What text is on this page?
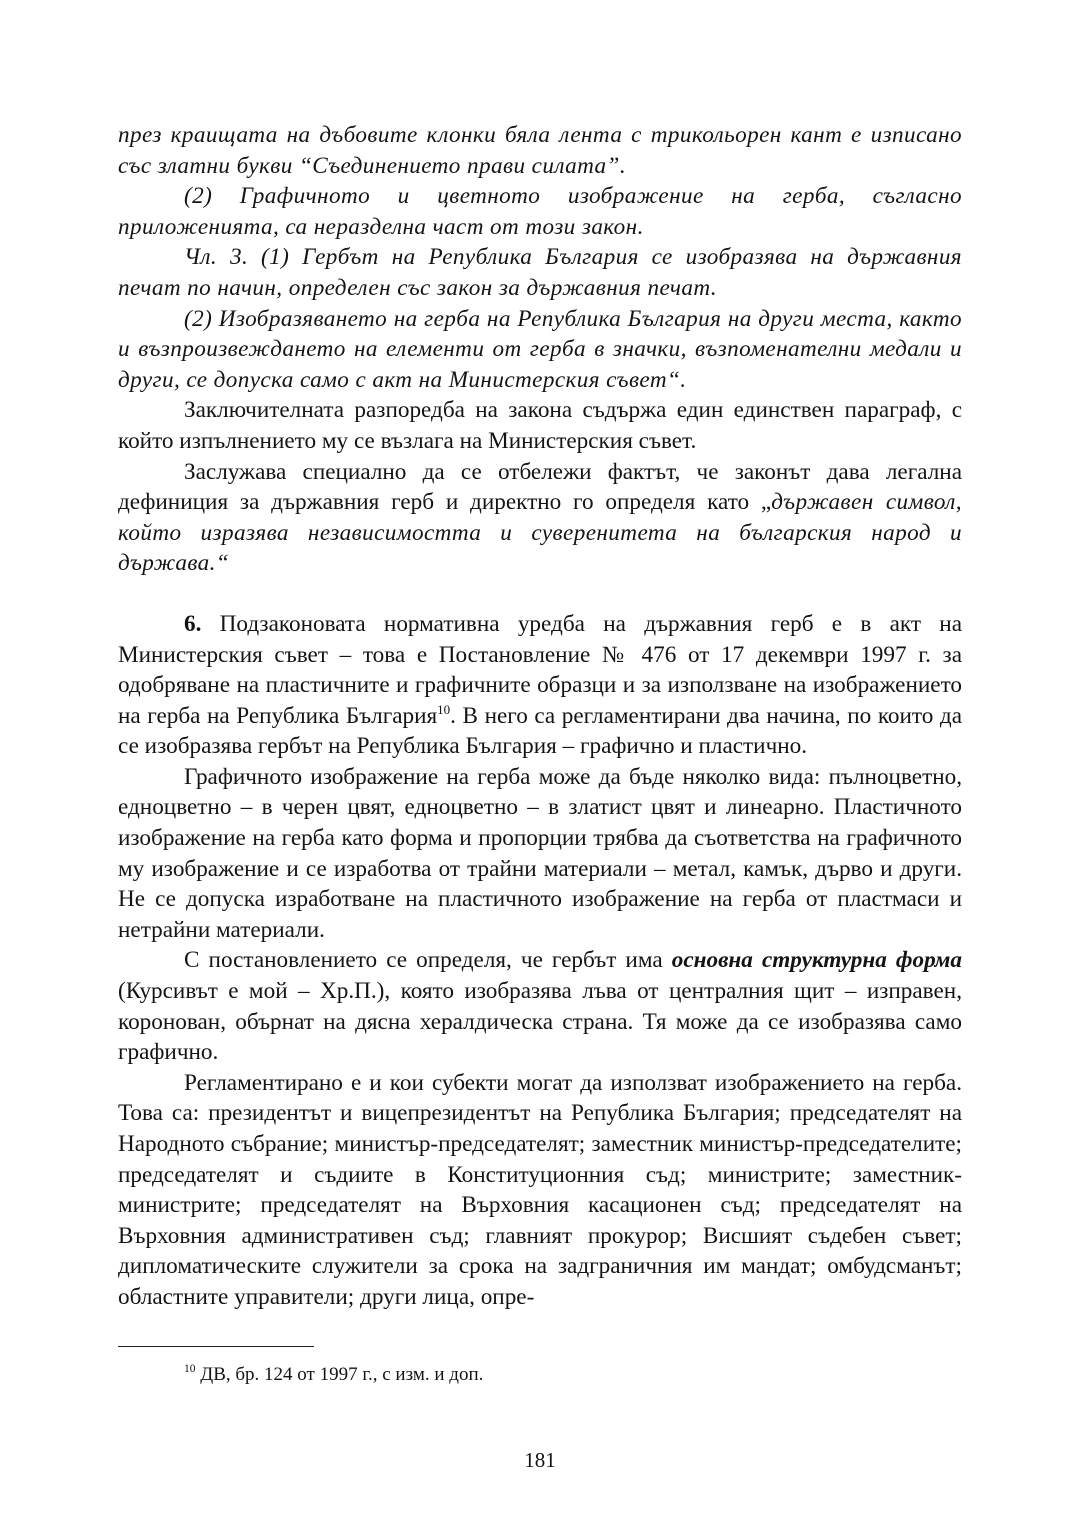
през краищата на дъбовите клонки бяла лента с трикольорен кант е изписано със златни букви “Съединението прави силата”.

(2) Графичното и цветното изображение на герба, съгласно приложенията, са неразделна част от този закон.

Чл. 3. (1) Гербът на Република България се изобразява на държавния печат по начин, определен със закон за държавния печат.

(2) Изобразяването на герба на Република България на други места, както и възпроизвеждането на елементи от герба в значки, възпоменателни медали и други, се допуска само с акт на Министерския съвет“.

Заключителната разпоредба на закона съдържа един единствен параграф, с който изпълнението му се възлага на Министерския съвет.

Заслужава специално да се отбележи фактът, че законът дава легална дефиниция за държавния герб и директно го определя като „държавен символ, който изразява независимостта и суверенитета на българския народ и държава.“

6. Подзаконовата нормативна уредба на държавния герб е в акт на Министерския съвет – това е Постановление № 476 от 17 декември 1997 г. за одобряване на пластичните и графичните образци и за използване на изображението на герба на Република България$^{10}$. В него са регламентирани два начина, по които да се изобразява гербът на Република България – графично и пластично.

Графичното изображение на герба може да бъде няколко вида: пълноцветно, едноцветно – в черен цвят, едноцветно – в златист цвят и линеарно. Пластичното изображение на герба като форма и пропорции трябва да съответства на графичното му изображение и се изработва от трайни материали – метал, камък, дърво и други. Не се допуска изработване на пластичното изображение на герба от пластмаси и нетрайни материали.

С постановлението се определя, че гербът има основна структурна форма (Курсивът е мой – Хр.П.), която изобразява лъва от централния щит – изправен, коронован, обърнат на дясна хералдическа страна. Тя може да се изобразява само графично.

Регламентирано е и кои субекти могат да използват изображението на герба. Това са: президентът и вицепрезидентът на Република България; председателят на Народното събрание; министър-председателят; заместник министър-председателите; председателят и съдиите в Конституционния съд; министрите; заместник-министрите; председателят на Върховния касационен съд; председателят на Върховния административен съд; главният прокурор; Висшият съдебен съвет; дипломатическите служители за срока на задграничния им мандат; омбудсманът; областните управители; други лица, опре-

$^{10}$ ДВ, бр. 124 от 1997 г., с изм. и доп.
181
